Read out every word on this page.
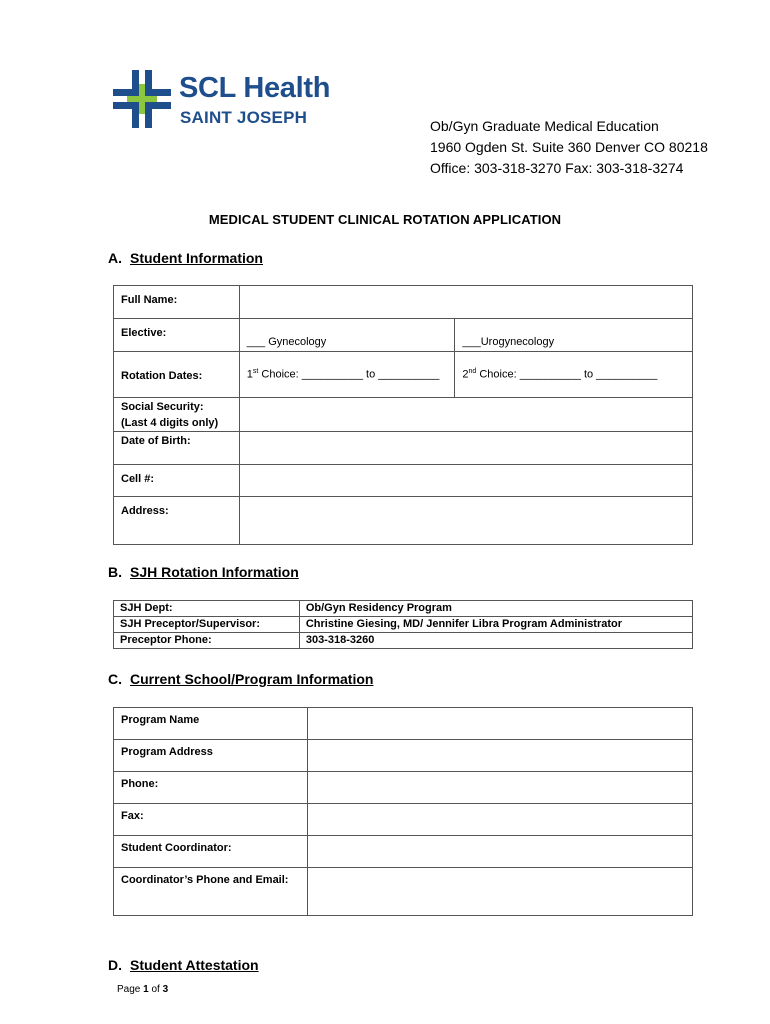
SCL Health
SAINT JOSEPH	Ob/Gyn Graduate Medical Education
1960 Ogden St. Suite 360 Denver CO 80218
Office: 303-318-3270 Fax: 303-318-3274
MEDICAL STUDENT CLINICAL ROTATION APPLICATION
A. Student Information
Full Name:		
Elective:	___ Gynecology	___Urogynecology

Rotation Dates:	1st Choice: __________ to __________	2nd Choice: __________ to __________

Social Security:
(Last 4 digits only)		

Date of Birth:		
Cell #:		
Address:		
B. SJH Rotation Information
SJH Dept:	Ob/Gyn Residency Program
SJH Preceptor/Supervisor:	Christine Giesing, MD/ Jennifer Libra Program Administrator
Preceptor Phone:	303-318-3260
C. Current School/Program Information
Program Name	
Program Address	
Phone:	
Fax:	
Student Coordinator:	
Coordinator’s Phone and Email:	
D. Student Attestation
Page 1 of 3
